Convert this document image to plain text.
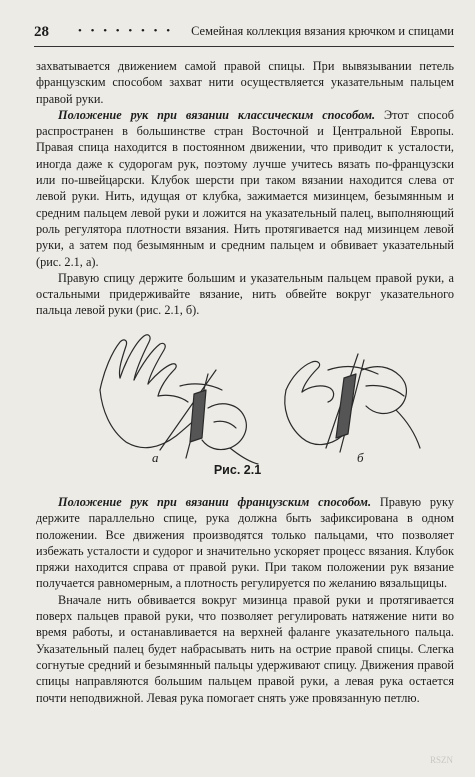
28	• • • • • • • • Семейная коллекция вязания крючком и спицами

захватывается движением самой правой спицы. При вывязывании петель французским способом захват нити осуществляется указательным пальцем правой руки.

Положение рук при вязании классическим способом. Этот способ распространен в большинстве стран Восточной и Центральной Европы. Правая спица находится в постоянном движении, что приводит к усталости, иногда даже к судорогам рук, поэтому лучше учитесь вязать по-французски или по-швейцарски. Клубок шерсти при таком вязании находится слева от левой руки. Нить, идущая от клубка, зажимается мизинцем, безымянным и средним пальцем левой руки и ложится на указательный палец, выполняющий роль регулятора плотности вязания. Нить протягивается над мизинцем левой руки, а затем под безымянным и средним пальцем и обвивает указательный (рис. 2.1, а).

Правую спицу держите большим и указательным пальцем правой руки, а остальными придерживайте вязание, нить обвейте вокруг указательного пальца левой руки (рис. 2.1, б).

а	б
Рис. 2.1

Положение рук при вязании французским способом. Правую руку держите параллельно спице, рука должна быть зафиксирована в одном положении. Все движения производятся только пальцами, что позволяет избежать усталости и судорог и значительно ускоряет процесс вязания. Клубок пряжи находится справа от правой руки. При таком положении рук вязание получается равномерным, а плотность регулируется по желанию вязальщицы.

Вначале нить обвивается вокруг мизинца правой руки и протягивается поверх пальцев правой руки, что позволяет регулировать натяжение нити во время работы, и останавливается на верхней фаланге указательного пальца. Указательный палец будет набрасывать нить на острие правой спицы. Слегка согнутые средний и безымянный пальцы удерживают спицу. Движения правой спицы направляются большим пальцем правой руки, а левая рука остается почти неподвижной. Левая рука помогает снять уже провязанную петлю.

RSZN
